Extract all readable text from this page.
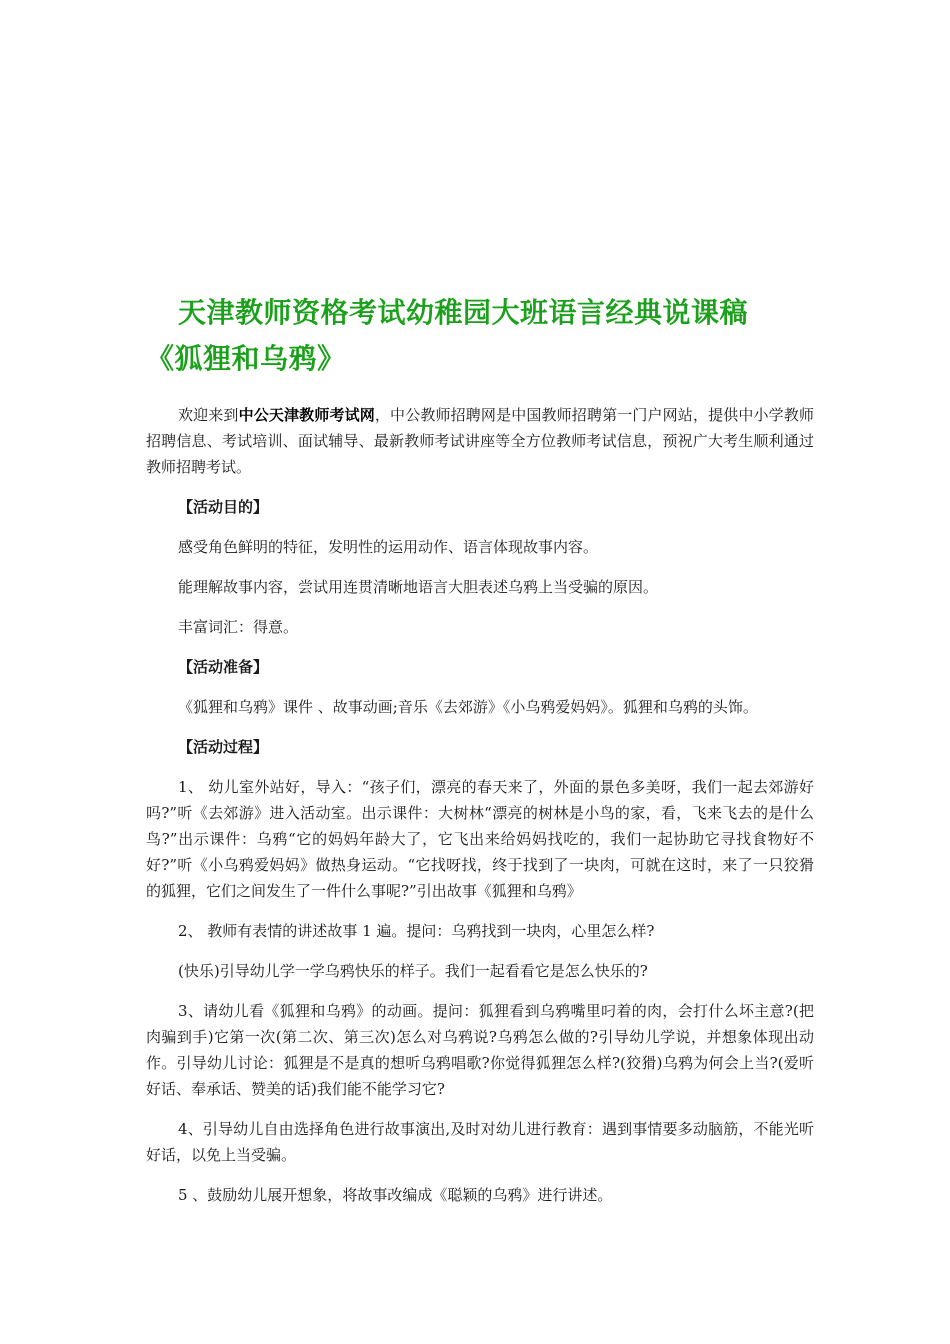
天津教师资格考试幼稚园大班语言经典说课稿
《狐狸和乌鸦》

欢迎来到中公天津教师考试网，中公教师招聘网是中国教师招聘第一门户网站，提供中小学教师招聘信息、考试培训、面试辅导、最新教师考试讲座等全方位教师考试信息，预祝广大考生顺利通过教师招聘考试。

【活动目的】

感受角色鲜明的特征，发明性的运用动作、语言体现故事内容。

能理解故事内容，尝试用连贯清晰地语言大胆表述乌鸦上当受骗的原因。

丰富词汇：得意。

【活动准备】

《狐狸和乌鸦》课件 、故事动画;音乐《去郊游》《小乌鸦爱妈妈》。狐狸和乌鸦的头饰。

【活动过程】

1、 幼儿室外站好，导入：“孩子们，漂亮的春天来了，外面的景色多美呀，我们一起去郊游好吗?”听《去郊游》进入活动室。出示课件：大树林“漂亮的树林是小鸟的家，看，飞来飞去的是什么鸟?”出示课件：乌鸦“它的妈妈年龄大了，它飞出来给妈妈找吃的，我们一起协助它寻找食物好不好?”听《小乌鸦爱妈妈》做热身运动。“它找呀找，终于找到了一块肉，可就在这时，来了一只狡猾的狐狸，它们之间发生了一件什么事呢?”引出故事《狐狸和乌鸦》

2、 教师有表情的讲述故事 1 遍。提问：乌鸦找到一块肉，心里怎么样?

(快乐)引导幼儿学一学乌鸦快乐的样子。我们一起看看它是怎么快乐的?

3、请幼儿看《狐狸和乌鸦》的动画。提问：狐狸看到乌鸦嘴里叼着的肉，会打什么坏主意?(把肉骗到手)它第一次(第二次、第三次)怎么对乌鸦说?乌鸦怎么做的?引导幼儿学说，并想象体现出动作。引导幼儿讨论：狐狸是不是真的想听乌鸦唱歌?你觉得狐狸怎么样?(狡猾)乌鸦为何会上当?(爱听好话、奉承话、赞美的话)我们能不能学习它?

4、引导幼儿自由选择角色进行故事演出,及时对幼儿进行教育：遇到事情要多动脑筋，不能光听好话，以免上当受骗。

5 、鼓励幼儿展开想象，将故事改编成《聪颖的乌鸦》进行讲述。
